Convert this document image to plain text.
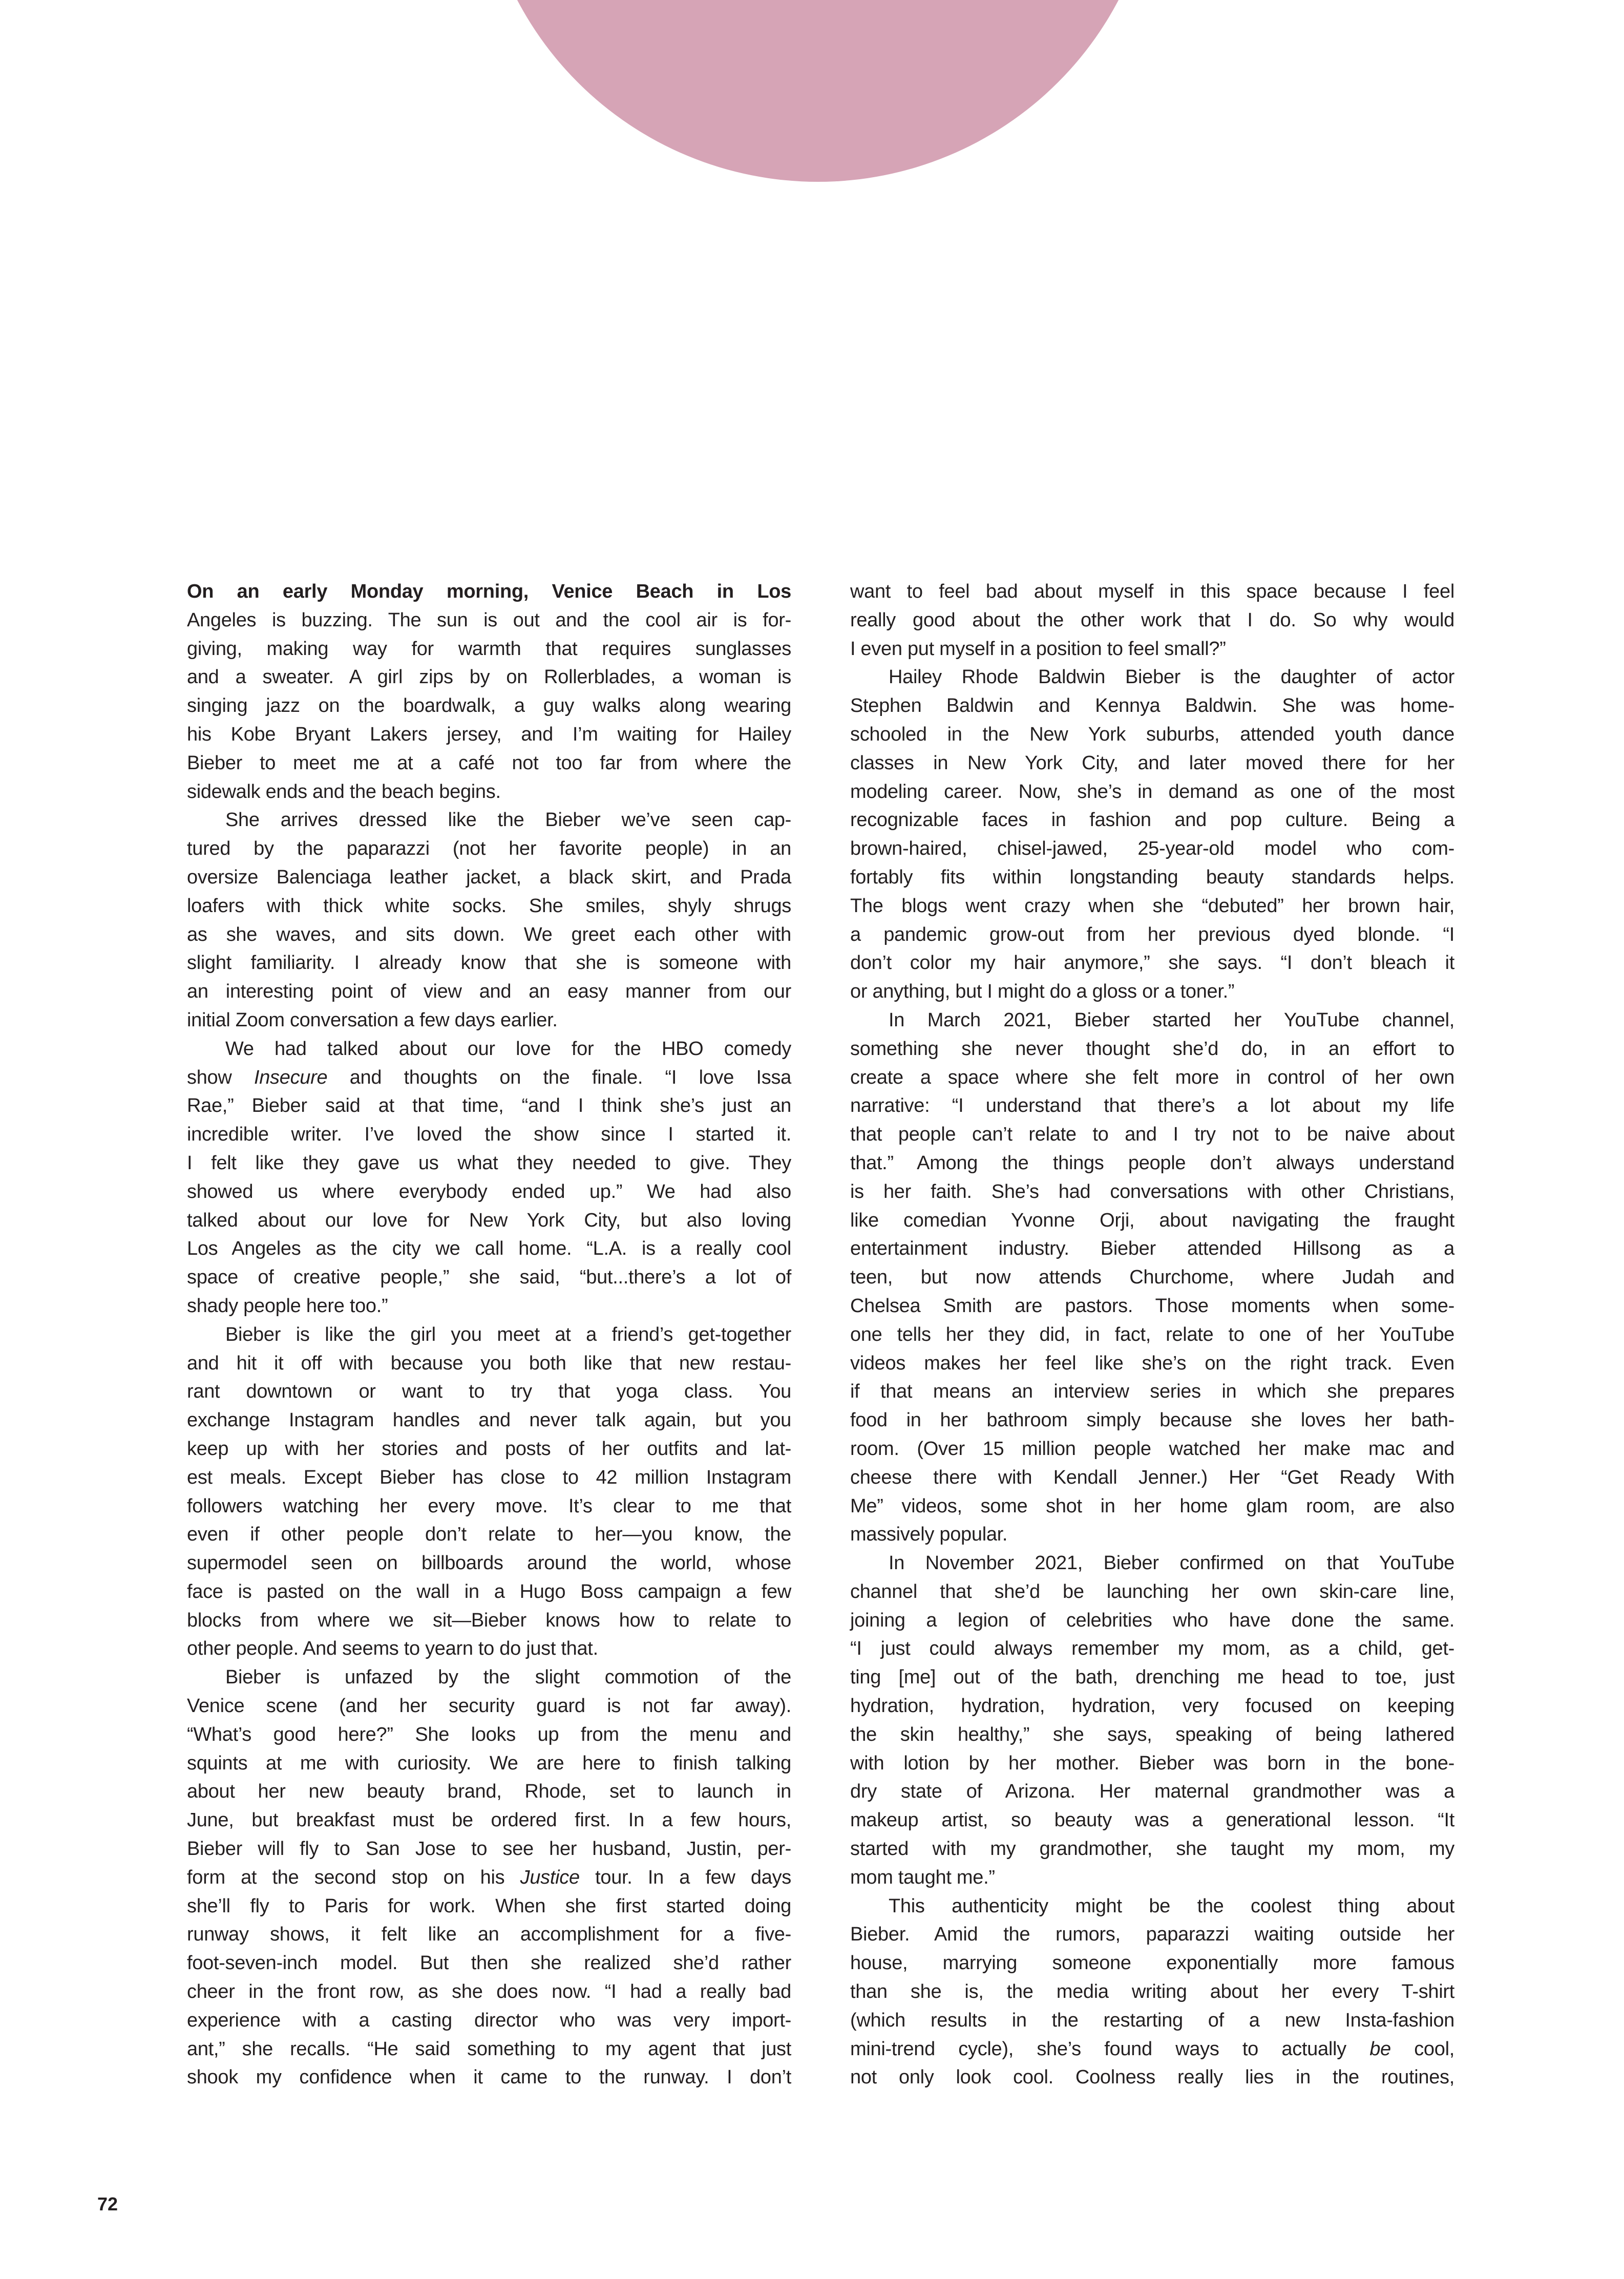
On an early Monday morning, Venice Beach in Los
Angeles is buzzing. The sun is out and the cool air is for-
giving, making way for warmth that requires sunglasses
and a sweater. A girl zips by on Rollerblades, a woman is
singing jazz on the boardwalk, a guy walks along wearing
his Kobe Bryant Lakers jersey, and I’m waiting for Hailey
Bieber to meet me at a café not too far from where the
sidewalk ends and the beach begins.
She arrives dressed like the Bieber we’ve seen cap-
tured by the paparazzi (not her favorite people) in an
oversize Balenciaga leather jacket, a black skirt, and Prada
loafers with thick white socks. She smiles, shyly shrugs
as she waves, and sits down. We greet each other with
slight familiarity. I already know that she is someone with
an interesting point of view and an easy manner from our
initial Zoom conversation a few days earlier.
We had talked about our love for the HBO comedy
show Insecure and thoughts on the finale. “I love Issa
Rae,” Bieber said at that time, “and I think she’s just an
incredible writer. I’ve loved the show since I started it.
I felt like they gave us what they needed to give. They
showed us where everybody ended up.” We had also
talked about our love for New York City, but also loving
Los Angeles as the city we call home. “L.A. is a really cool
space of creative people,” she said, “but...there’s a lot of
shady people here too.”
Bieber is like the girl you meet at a friend’s get-together
and hit it off with because you both like that new restau-
rant downtown or want to try that yoga class. You
exchange Instagram handles and never talk again, but you
keep up with her stories and posts of her outfits and lat-
est meals. Except Bieber has close to 42 million Instagram
followers watching her every move. It’s clear to me that
even if other people don’t relate to her—you know, the
supermodel seen on billboards around the world, whose
face is pasted on the wall in a Hugo Boss campaign a few
blocks from where we sit—Bieber knows how to relate to
other people. And seems to yearn to do just that.
Bieber is unfazed by the slight commotion of the
Venice scene (and her security guard is not far away).
“What’s good here?” She looks up from the menu and
squints at me with curiosity. We are here to finish talking
about her new beauty brand, Rhode, set to launch in
June, but breakfast must be ordered first. In a few hours,
Bieber will fly to San Jose to see her husband, Justin, per-
form at the second stop on his Justice tour. In a few days
she’ll fly to Paris for work. When she first started doing
runway shows, it felt like an accomplishment for a five-
foot-seven-inch model. But then she realized she’d rather
cheer in the front row, as she does now. “I had a really bad
experience with a casting director who was very import-
ant,” she recalls. “He said something to my agent that just
shook my confidence when it came to the runway. I don’t
want to feel bad about myself in this space because I feel
really good about the other work that I do. So why would
I even put myself in a position to feel small?”
Hailey Rhode Baldwin Bieber is the daughter of actor
Stephen Baldwin and Kennya Baldwin. She was home-
schooled in the New York suburbs, attended youth dance
classes in New York City, and later moved there for her
modeling career. Now, she’s in demand as one of the most
recognizable faces in fashion and pop culture. Being a
brown-haired, chisel-jawed, 25-year-old model who com-
fortably fits within longstanding beauty standards helps.
The blogs went crazy when she “debuted” her brown hair,
a pandemic grow-out from her previous dyed blonde. “I
don’t color my hair anymore,” she says. “I don’t bleach it
or anything, but I might do a gloss or a toner.”
In March 2021, Bieber started her YouTube channel,
something she never thought she’d do, in an effort to
create a space where she felt more in control of her own
narrative: “I understand that there’s a lot about my life
that people can’t relate to and I try not to be naive about
that.” Among the things people don’t always understand
is her faith. She’s had conversations with other Christians,
like comedian Yvonne Orji, about navigating the fraught
entertainment industry. Bieber attended Hillsong as a
teen, but now attends Churchome, where Judah and
Chelsea Smith are pastors. Those moments when some-
one tells her they did, in fact, relate to one of her YouTube
videos makes her feel like she’s on the right track. Even
if that means an interview series in which she prepares
food in her bathroom simply because she loves her bath-
room. (Over 15 million people watched her make mac and
cheese there with Kendall Jenner.) Her “Get Ready With
Me” videos, some shot in her home glam room, are also
massively popular.
In November 2021, Bieber confirmed on that YouTube
channel that she’d be launching her own skin-care line,
joining a legion of celebrities who have done the same.
“I just could always remember my mom, as a child, get-
ting [me] out of the bath, drenching me head to toe, just
hydration, hydration, hydration, very focused on keeping
the skin healthy,” she says, speaking of being lathered
with lotion by her mother. Bieber was born in the bone-
dry state of Arizona. Her maternal grandmother was a
makeup artist, so beauty was a generational lesson. “It
started with my grandmother, she taught my mom, my
mom taught me.”
This authenticity might be the coolest thing about
Bieber. Amid the rumors, paparazzi waiting outside her
house, marrying someone exponentially more famous
than she is, the media writing about her every T-shirt
(which results in the restarting of a new Insta-fashion
mini-trend cycle), she’s found ways to actually be cool,
not only look cool. Coolness really lies in the routines,
72
